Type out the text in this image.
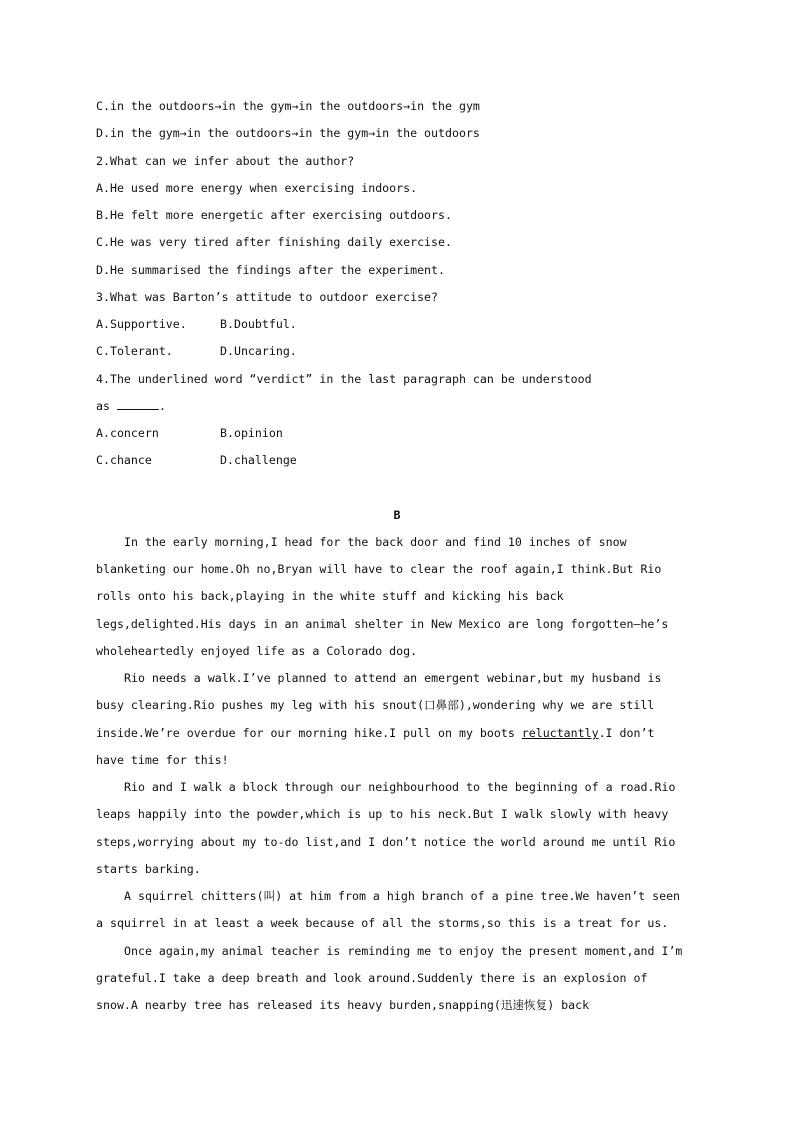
C.in the outdoors→in the gym→in the outdoors→in the gym
D.in the gym→in the outdoors→in the gym→in the outdoors
2.What can we infer about the author?
A.He used more energy when exercising indoors.
B.He felt more energetic after exercising outdoors.
C.He was very tired after finishing daily exercise.
D.He summarised the findings after the experiment.
3.What was Barton’s attitude to outdoor exercise?
A.Supportive.	B.Doubtful.
C.Tolerant.	D.Uncaring.
4.The underlined word “verdict” in the last paragraph can be understood
as	.
A.concern	B.opinion
C.chance	D.challenge
B
In the early morning,I head for the back door and find 10 inches of snow
blanketing our home.Oh no,Bryan will have to clear the roof again,I think.But Rio
rolls onto his back,playing in the white stuff and kicking his back
legs,delighted.His days in an animal shelter in New Mexico are long forgotten—he’s
wholeheartedly enjoyed life as a Colorado dog.
Rio needs a walk.I’ve planned to attend an emergent webinar,but my husband is
busy clearing.Rio pushes my leg with his snout(口鼻部),wondering why we are still
inside.We’re overdue for our morning hike.I pull on my boots reluctantly.I don’t
have time for this!
Rio and I walk a block through our neighbourhood to the beginning of a road.Rio
leaps happily into the powder,which is up to his neck.But I walk slowly with heavy
steps,worrying about my to-do list,and I don’t notice the world around me until Rio
starts barking.
A squirrel chitters(叫) at him from a high branch of a pine tree.We haven’t seen
a squirrel in at least a week because of all the storms,so this is a treat for us.
Once again,my animal teacher is reminding me to enjoy the present moment,and I’m
grateful.I take a deep breath and look around.Suddenly there is an explosion of
snow.A nearby tree has released its heavy burden,snapping(迅速恢复) back
